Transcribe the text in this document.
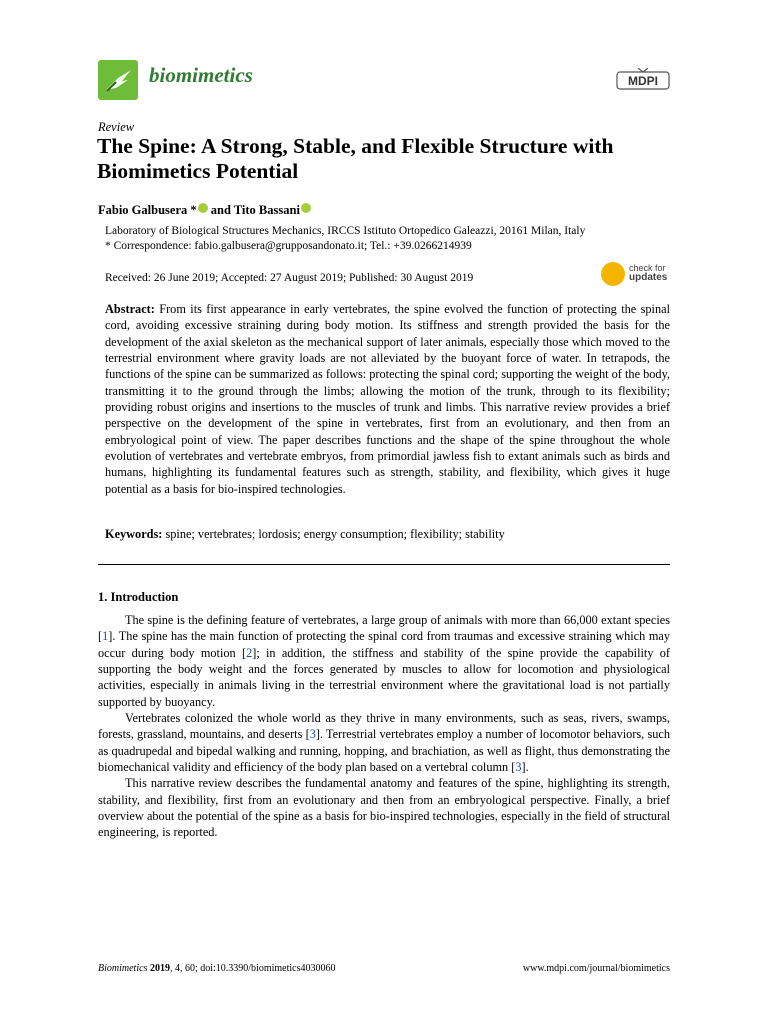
biomimetics	MDPI
Review
The Spine: A Strong, Stable, and Flexible Structure with Biomimetics Potential
Fabio Galbusera * and Tito Bassani
Laboratory of Biological Structures Mechanics, IRCCS Istituto Ortopedico Galeazzi, 20161 Milan, Italy
* Correspondence: fabio.galbusera@grupposandonato.it; Tel.: +39.0266214939
Received: 26 June 2019; Accepted: 27 August 2019; Published: 30 August 2019
check for
updates
Abstract: From its first appearance in early vertebrates, the spine evolved the function of protecting the spinal cord, avoiding excessive straining during body motion. Its stiffness and strength provided the basis for the development of the axial skeleton as the mechanical support of later animals, especially those which moved to the terrestrial environment where gravity loads are not alleviated by the buoyant force of water. In tetrapods, the functions of the spine can be summarized as follows: protecting the spinal cord; supporting the weight of the body, transmitting it to the ground through the limbs; allowing the motion of the trunk, through to its flexibility; providing robust origins and insertions to the muscles of trunk and limbs. This narrative review provides a brief perspective on the development of the spine in vertebrates, first from an evolutionary, and then from an embryological point of view. The paper describes functions and the shape of the spine throughout the whole evolution of vertebrates and vertebrate embryos, from primordial jawless fish to extant animals such as birds and humans, highlighting its fundamental features such as strength, stability, and flexibility, which gives it huge potential as a basis for bio-inspired technologies.
Keywords: spine; vertebrates; lordosis; energy consumption; flexibility; stability
1. Introduction

The spine is the defining feature of vertebrates, a large group of animals with more than 66,000 extant species [1]. The spine has the main function of protecting the spinal cord from traumas and excessive straining which may occur during body motion [2]; in addition, the stiffness and stability of the spine provide the capability of supporting the body weight and the forces generated by muscles to allow for locomotion and physiological activities, especially in animals living in the terrestrial environment where the gravitational load is not partially supported by buoyancy.

Vertebrates colonized the whole world as they thrive in many environments, such as seas, rivers, swamps, forests, grassland, mountains, and deserts [3]. Terrestrial vertebrates employ a number of locomotor behaviors, such as quadrupedal and bipedal walking and running, hopping, and brachiation, as well as flight, thus demonstrating the biomechanical validity and efficiency of the body plan based on a vertebral column [3].

This narrative review describes the fundamental anatomy and features of the spine, highlighting its strength, stability, and flexibility, first from an evolutionary and then from an embryological perspective. Finally, a brief overview about the potential of the spine as a basis for bio-inspired technologies, especially in the field of structural engineering, is reported.

Biomimetics 2019, 4, 60; doi:10.3390/biomimetics4030060	www.mdpi.com/journal/biomimetics
